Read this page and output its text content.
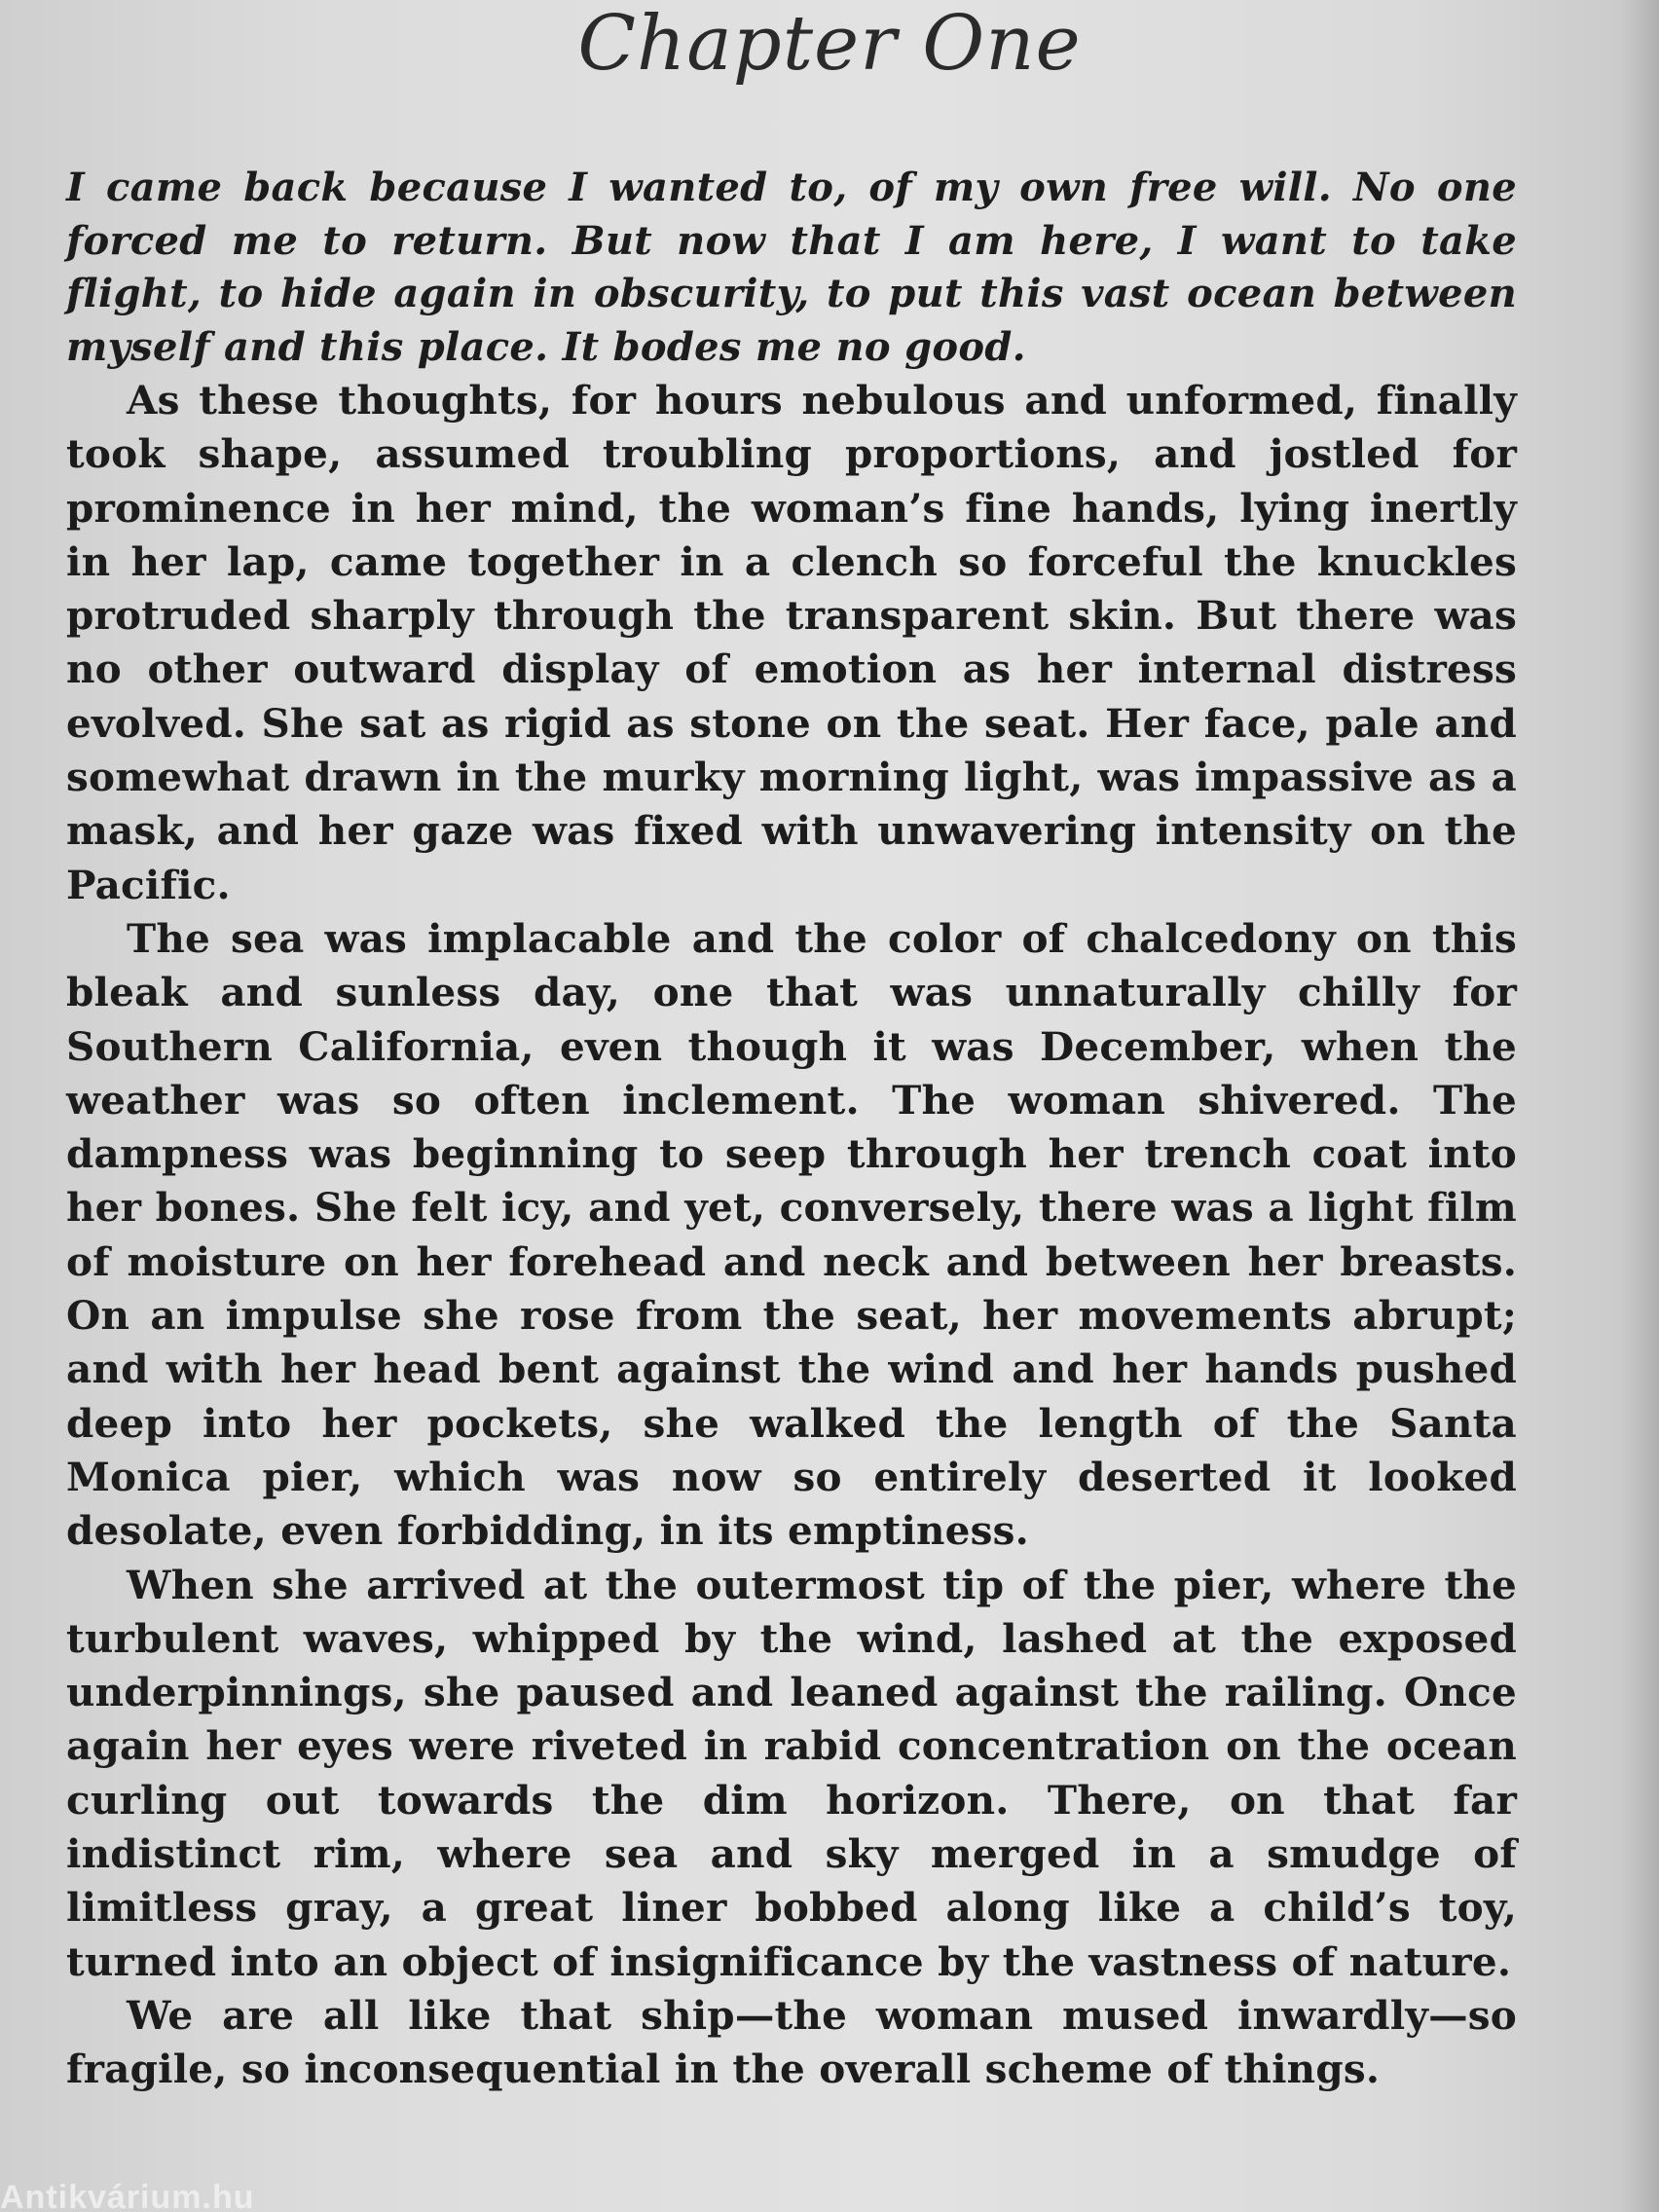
Chapter One

I came back because I wanted to, of my own free will. No one forced me to return. But now that I am here, I want to take flight, to hide again in obscurity, to put this vast ocean between myself and this place. It bodes me no good.

As these thoughts, for hours nebulous and unformed, finally took shape, assumed troubling proportions, and jostled for prominence in her mind, the woman’s fine hands, lying inertly in her lap, came together in a clench so forceful the knuckles protruded sharply through the transparent skin. But there was no other outward display of emotion as her internal distress evolved. She sat as rigid as stone on the seat. Her face, pale and somewhat drawn in the murky morning light, was impassive as a mask, and her gaze was fixed with unwavering intensity on the Pacific.

The sea was implacable and the color of chalcedony on this bleak and sunless day, one that was unnaturally chilly for Southern California, even though it was December, when the weather was so often inclement. The woman shivered. The dampness was beginning to seep through her trench coat into her bones. She felt icy, and yet, conversely, there was a light film of moisture on her forehead and neck and between her breasts. On an impulse she rose from the seat, her movements abrupt; and with her head bent against the wind and her hands pushed deep into her pockets, she walked the length of the Santa Monica pier, which was now so entirely deserted it looked desolate, even forbidding, in its emptiness.

When she arrived at the outermost tip of the pier, where the turbulent waves, whipped by the wind, lashed at the exposed underpinnings, she paused and leaned against the railing. Once again her eyes were riveted in rabid concentration on the ocean curling out towards the dim horizon. There, on that far indistinct rim, where sea and sky merged in a smudge of limitless gray, a great liner bobbed along like a child’s toy, turned into an object of insignificance by the vastness of nature.

We are all like that ship—the woman mused inwardly—so fragile, so inconsequential in the overall scheme of things.

Antikvárium.hu
